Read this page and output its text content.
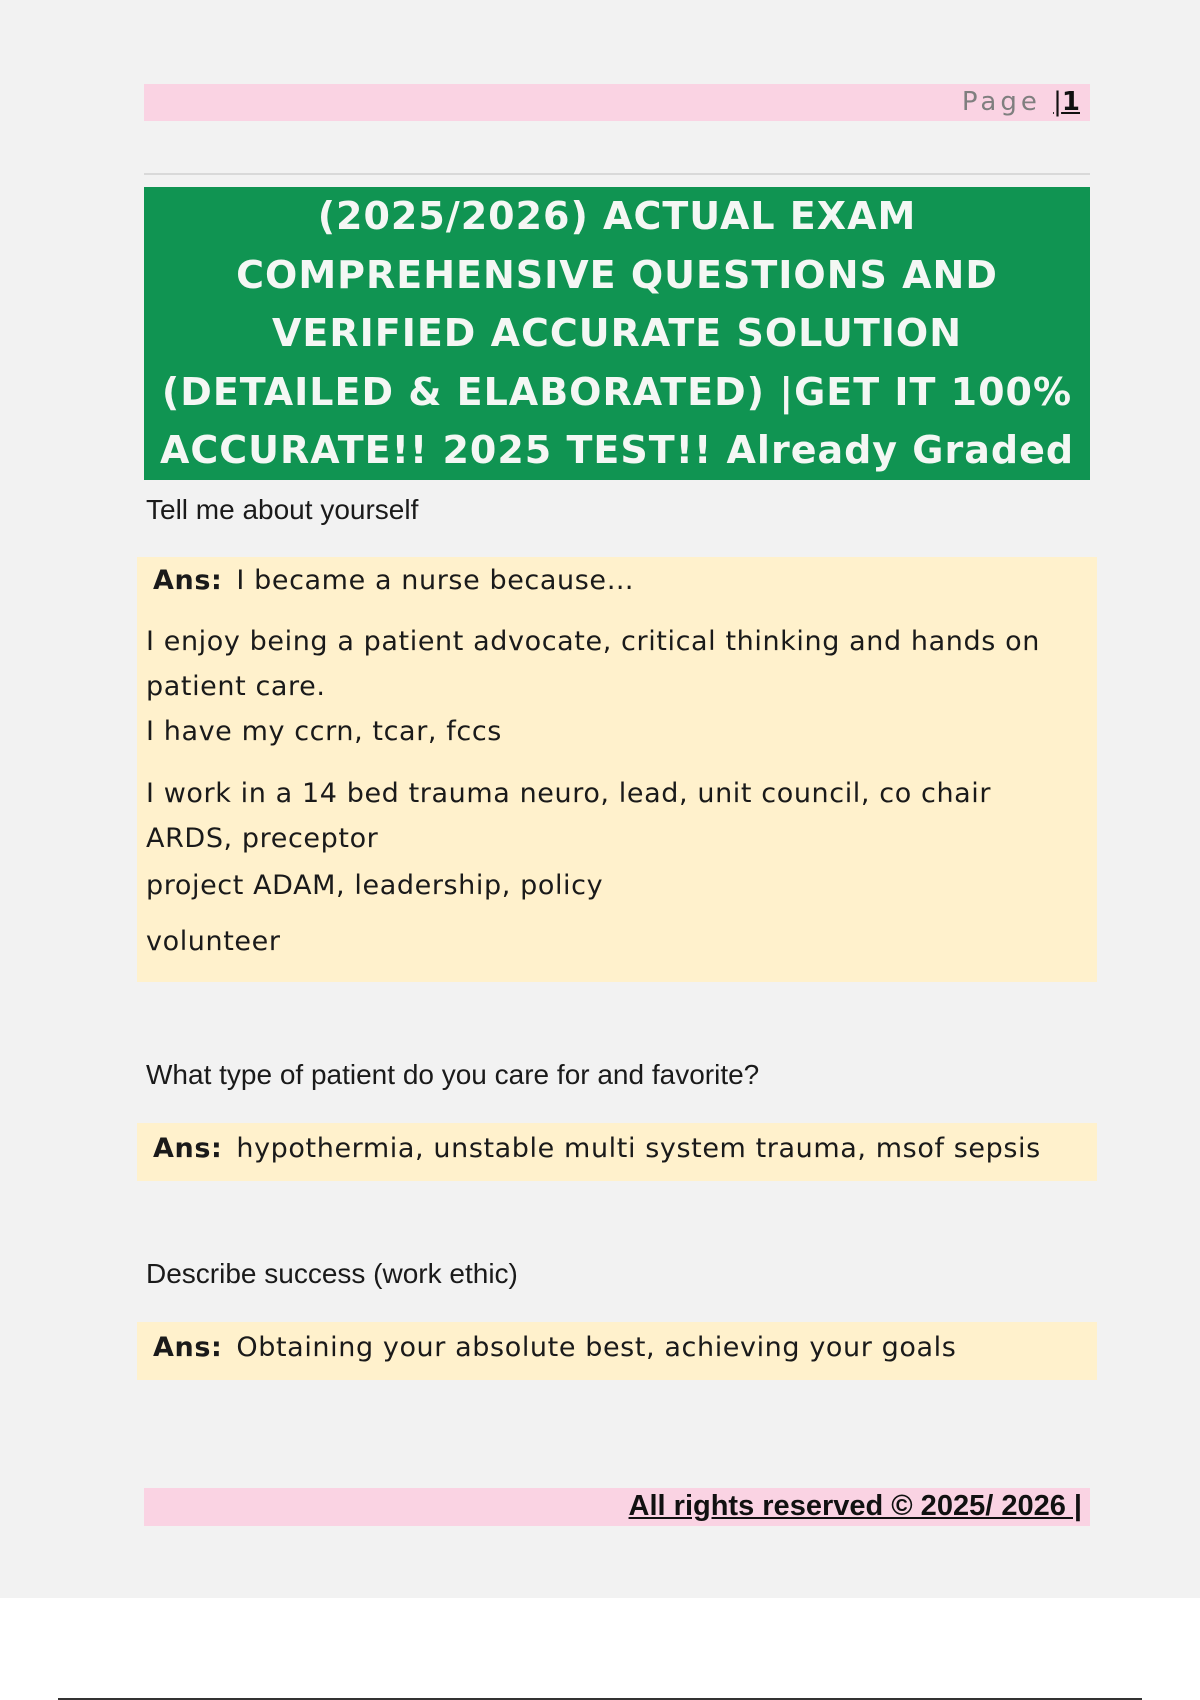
Page |1
(2025/2026) ACTUAL EXAM
COMPREHENSIVE QUESTIONS AND
VERIFIED ACCURATE SOLUTION
(DETAILED & ELABORATED) |GET IT 100%
ACCURATE!! 2025 TEST!! Already Graded
Tell me about yourself
Ans: I became a nurse because…
I enjoy being a patient advocate, critical thinking and hands on patient care.
I have my ccrn, tcar, fccs
I work in a 14 bed trauma neuro, lead, unit council, co chair ARDS, preceptor
project ADAM, leadership, policy
volunteer
What type of patient do you care for and favorite?
Ans: hypothermia, unstable multi system trauma, msof sepsis
Describe success (work ethic)
Ans: Obtaining your absolute best, achieving your goals
All rights reserved © 2025/ 2026 |
